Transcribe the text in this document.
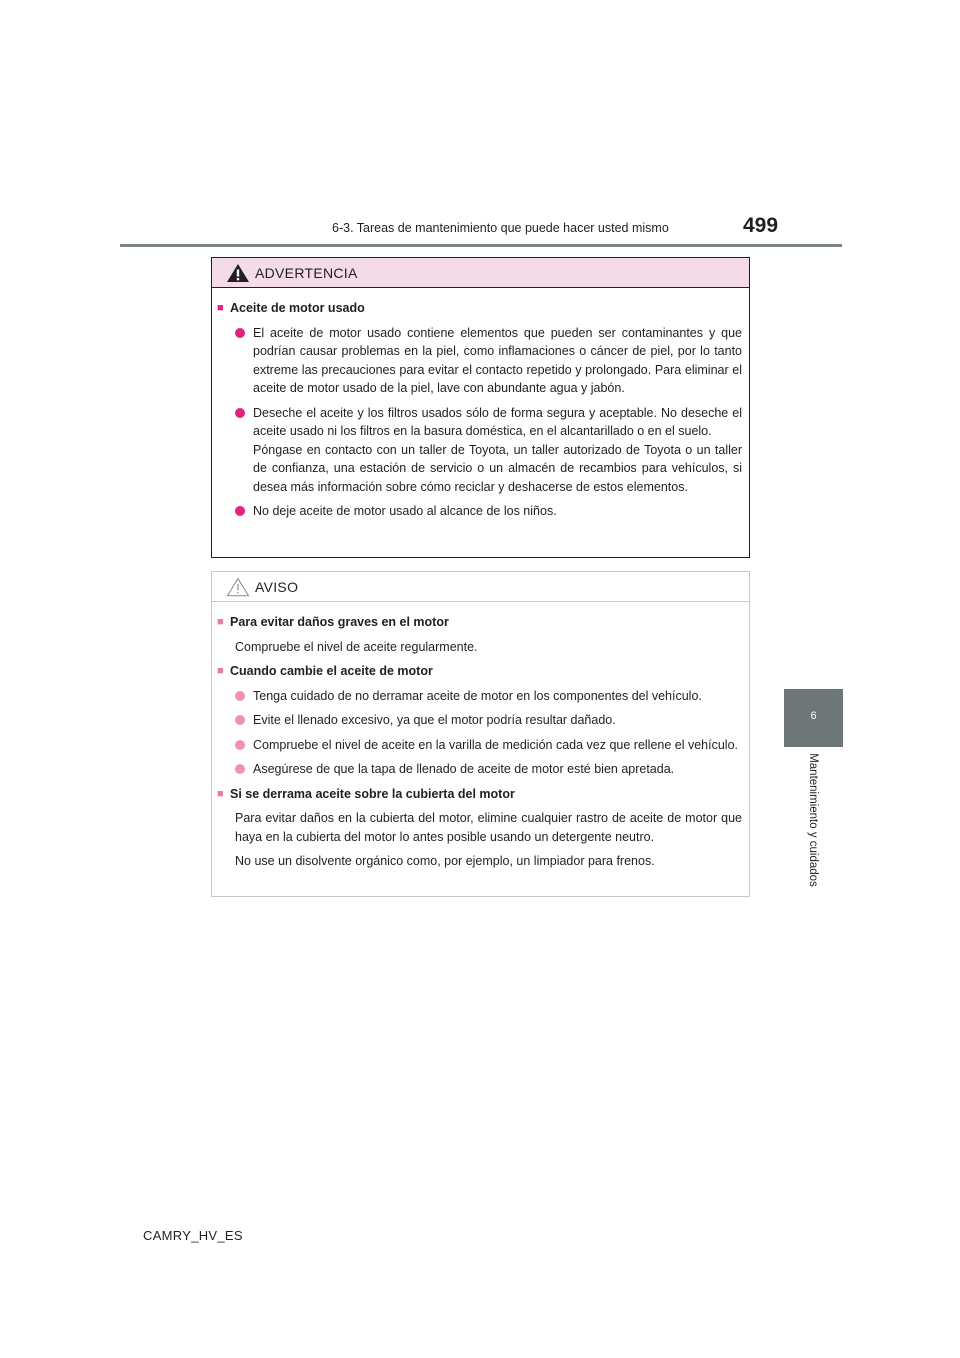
6-3. Tareas de mantenimiento que puede hacer usted mismo	499
6
Mantenimiento y cuidados
ADVERTENCIA
■ Aceite de motor usado
El aceite de motor usado contiene elementos que pueden ser contaminantes y que podrían causar problemas en la piel, como inflamaciones o cáncer de piel, por lo tanto extreme las precauciones para evitar el contacto repetido y prolongado. Para eliminar el aceite de motor usado de la piel, lave con abundante agua y jabón.
Deseche el aceite y los filtros usados sólo de forma segura y aceptable. No deseche el aceite usado ni los filtros en la basura doméstica, en el alcantarillado o en el suelo.
Póngase en contacto con un taller de Toyota, un taller autorizado de Toyota o un taller de confianza, una estación de servicio o un almacén de recambios para vehículos, si desea más información sobre cómo reciclar y deshacerse de estos elementos.
No deje aceite de motor usado al alcance de los niños.
AVISO
■ Para evitar daños graves en el motor
Compruebe el nivel de aceite regularmente.
■ Cuando cambie el aceite de motor
Tenga cuidado de no derramar aceite de motor en los componentes del vehículo.
Evite el llenado excesivo, ya que el motor podría resultar dañado.
Compruebe el nivel de aceite en la varilla de medición cada vez que rellene el vehículo.
Asegúrese de que la tapa de llenado de aceite de motor esté bien apretada.
■ Si se derrama aceite sobre la cubierta del motor
Para evitar daños en la cubierta del motor, elimine cualquier rastro de aceite de motor que haya en la cubierta del motor lo antes posible usando un detergente neutro.
No use un disolvente orgánico como, por ejemplo, un limpiador para frenos.
CAMRY_HV_ES
